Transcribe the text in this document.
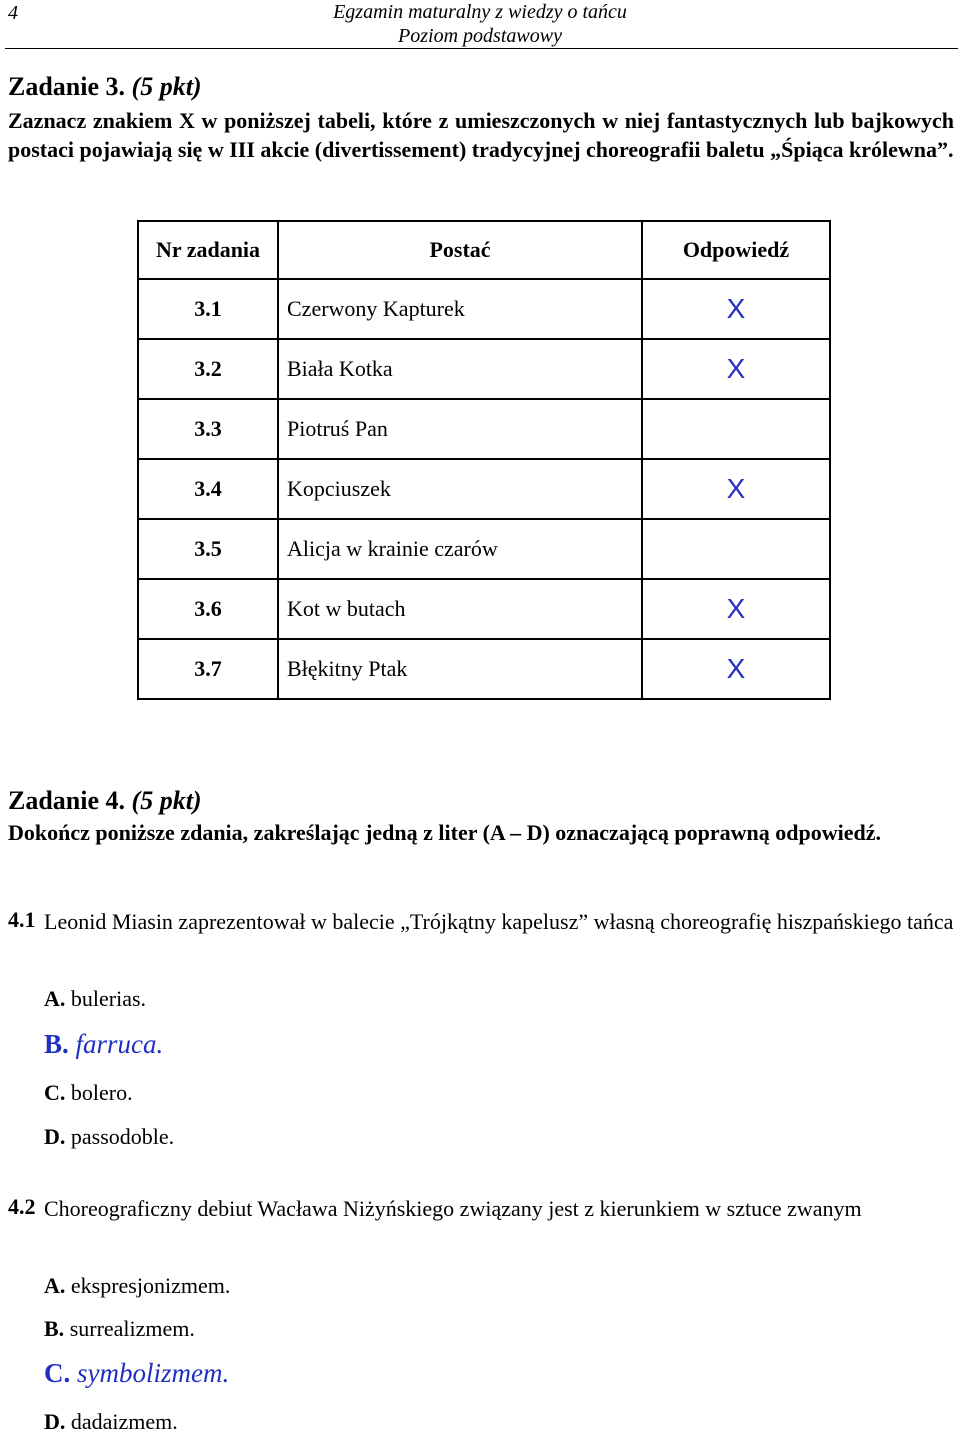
4	Egzamin maturalny z wiedzy o tańcu
Poziom podstawowy
Zadanie 3. (5 pkt)
Zaznacz znakiem X w poniższej tabeli, które z umieszczonych w niej fantastycznych lub bajkowych postaci pojawiają się w III akcie (divertissement) tradycyjnej choreografii baletu „Śpiąca królewna”.
Nr zadania	Postać	Odpowiedź
3.1	Czerwony Kapturek	X
3.2	Biała Kotka	X
3.3	Piotruś Pan	
3.4	Kopciuszek	X
3.5	Alicja w krainie czarów	
3.6	Kot w butach	X
3.7	Błękitny Ptak	X
Zadanie 4. (5 pkt)
Dokończ poniższe zdania, zakreślając jedną z liter (A – D) oznaczającą poprawną odpowiedź.
4.1 Leonid Miasin zaprezentował w balecie „Trójkątny kapelusz” własną choreografię hiszpańskiego tańca
A. bulerias.
B. farruca.
C. bolero.
D. passodoble.
4.2 Choreograficzny debiut Wacława Niżyńskiego związany jest z kierunkiem w sztuce zwanym
A. ekspresjonizmem.
B. surrealizmem.
C. symbolizmem.
D. dadaizmem.
